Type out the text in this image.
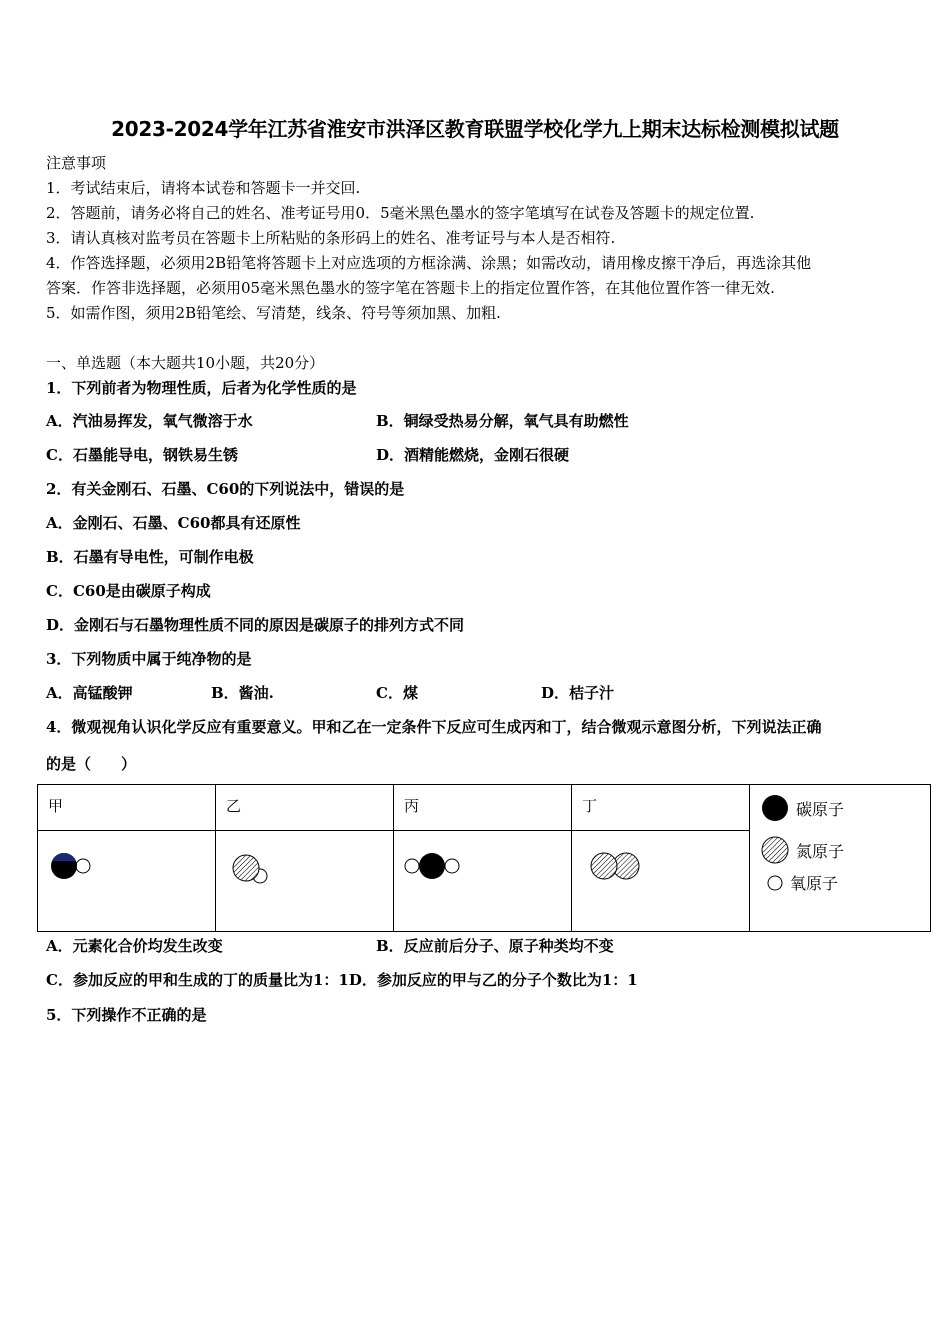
2023-2024学年江苏省淮安市洪泽区教育联盟学校化学九上期末达标检测模拟试题
注意事项
1．考试结束后，请将本试卷和答题卡一并交回.
2．答题前，请务必将自己的姓名、准考证号用0．5毫米黑色墨水的签字笔填写在试卷及答题卡的规定位置.
3．请认真核对监考员在答题卡上所粘贴的条形码上的姓名、准考证号与本人是否相符.
4．作答选择题，必须用2B铅笔将答题卡上对应选项的方框涂满、涂黑；如需改动，请用橡皮擦干净后，再选涂其他
答案．作答非选择题，必须用05毫米黑色墨水的签字笔在答题卡上的指定位置作答，在其他位置作答一律无效.
5．如需作图，须用2B铅笔绘、写清楚，线条、符号等须加黑、加粗.
一、单选题（本大题共10小题，共20分）
1．下列前者为物理性质，后者为化学性质的是
A．汽油易挥发，氧气微溶于水	B．铜绿受热易分解，氧气具有助燃性
C．石墨能导电，钢铁易生锈	D．酒精能燃烧，金刚石很硬
2．有关金刚石、石墨、C60的下列说法中，错误的是
A．金刚石、石墨、C60都具有还原性
B．石墨有导电性，可制作电极
C．C60是由碳原子构成
D．金刚石与石墨物理性质不同的原因是碳原子的排列方式不同
3．下列物质中属于纯净物的是
A．高锰酸钾	B．酱油.	C．煤	D．桔子汁
4．微观视角认识化学反应有重要意义。甲和乙在一定条件下反应可生成丙和丁，结合微观示意图分析，下列说法正确
的是（　　）
甲	乙	丙	丁	碳原子
氮原子
氧原子

A．元素化合价均发生改变	B．反应前后分子、原子种类均不变
C．参加反应的甲和生成的丁的质量比为1：1D．参加反应的甲与乙的分子个数比为1：1
5．下列操作不正确的是
